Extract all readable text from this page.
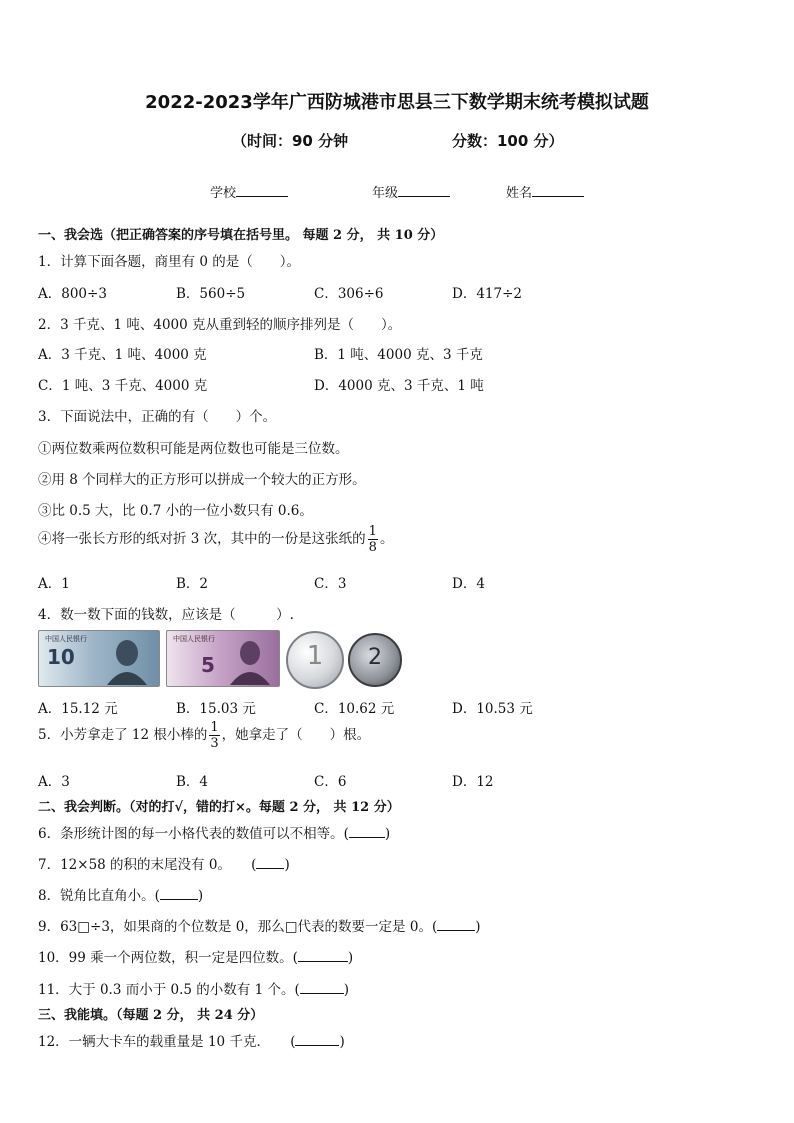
2022-2023学年广西防城港市思县三下数学期末统考模拟试题
（时间：90 分钟	分数：100 分）
学校	年级	姓名
一、我会选（把正确答案的序号填在括号里。 每题 2 分， 共 10 分）
1．计算下面各题，商里有 0 的是（　　）。
A．800÷3	B．560÷5	C．306÷6	D．417÷2
2．3 千克、1 吨、4000 克从重到轻的顺序排列是（　　）。
A．3 千克、1 吨、4000 克	B．1 吨、4000 克、3 千克
C．1 吨、3 千克、4000 克	D．4000 克、3 千克、1 吨
3．下面说法中，正确的有（　　）个。
①两位数乘两位数积可能是两位数也可能是三位数。
②用 8 个同样大的正方形可以拼成一个较大的正方形。
③比 0.5 大，比 0.7 小的一位小数只有 0.6。
④将一张长方形的纸对折 3 次，其中的一份是这张纸的 $\frac{1}{8}$ 。
A．1	B．2	C．3	D．4
4．数一数下面的钱数，应该是（　　　）.
中国人民银行
10
中国人民银行
5	1	2
A．15.12 元	B．15.03 元	C．10.62 元	D．10.53 元
5．小芳拿走了 12 根小棒的 $\frac{1}{3}$ ，她拿走了（　　）根。
A．3	B．4	C．6	D．12
二、我会判断。（对的打√，错的打×。每题 2 分， 共 12 分）
6．条形统计图的每一小格代表的数值可以不相等。(	)
7．12×58 的积的末尾没有 0。　　( )
8．锐角比直角小。(	)
9．63□÷3，如果商的个位数是 0，那么□代表的数要一定是 0。(	)
10．99 乘一个两位数，积一定是四位数。(	)
11．大于 0.3 而小于 0.5 的小数有 1 个。(	)
三、我能填。（每题 2 分， 共 24 分）
12．一辆大卡车的载重量是 10 千克．　　(	)
